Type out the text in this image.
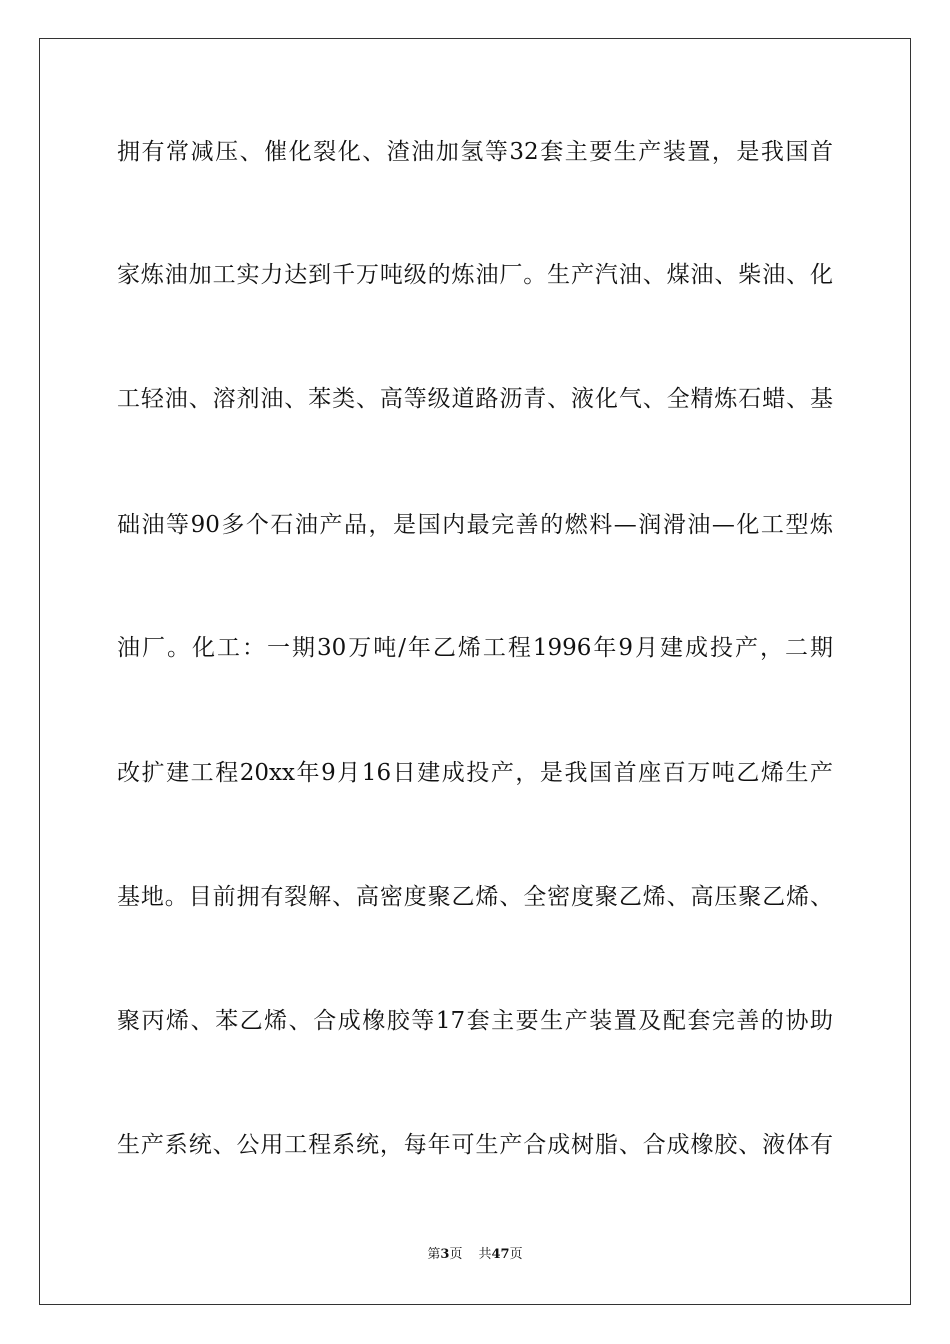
拥有常减压、催化裂化、渣油加氢等32套主要生产装置，是我国首
家炼油加工实力达到千万吨级的炼油厂。生产汽油、煤油、柴油、化
工轻油、溶剂油、苯类、高等级道路沥青、液化气、全精炼石蜡、基
础油等90多个石油产品，是国内最完善的燃料—润滑油—化工型炼
油厂。化工：一期30万吨/年乙烯工程1996年9月建成投产，二期
改扩建工程20xx年9月16日建成投产，是我国首座百万吨乙烯生产
基地。目前拥有裂解、高密度聚乙烯、全密度聚乙烯、高压聚乙烯、
聚丙烯、苯乙烯、合成橡胶等17套主要生产装置及配套完善的协助
生产系统、公用工程系统，每年可生产合成树脂、合成橡胶、液体有
第3页 共47页
